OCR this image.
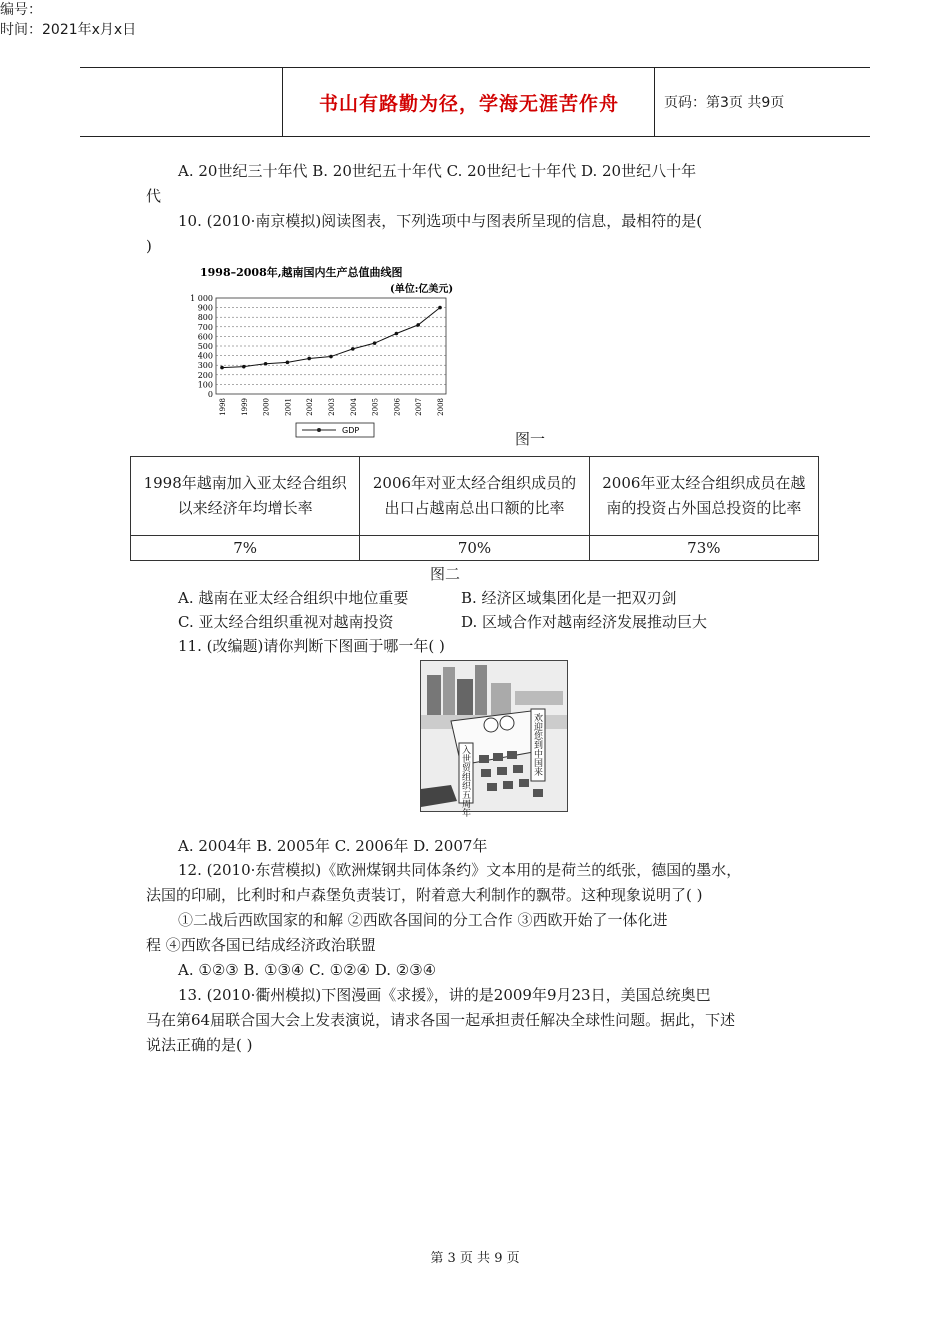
编号：
时间：2021年x月x日
书山有路勤为径，学海无涯苦作舟	页码：第3页 共9页
A. 20世纪三十年代 B. 20世纪五十年代 C. 20世纪七十年代 D. 20世纪八十年
代
10. (2010·南京模拟)阅读图表，下列选项中与图表所呈现的信息，最相符的是(
)
1998–2008年,越南国内生产总值曲线图
(单位:亿美元)
0
100
200
300
400
500
600
700
800
900
1 000
1998 1999 2000 2001 2002 2003 2004 2005 2006 2007 2008
GDP	图一
1998年越南加入亚太经合组织以来经济年均增长率	2006年对亚太经合组织成员的出口占越南总出口额的比率	2006年亚太经合组织成员在越南的投资占外国总投资的比率
7%	70%	73%
图二
A. 越南在亚太经合组织中地位重要	B. 经济区域集团化是一把双刃剑
C. 亚太经合组织重视对越南投资	D. 区域合作对越南经济发展推动巨大
11. (改编题)请你判断下图画于哪一年( )
欢迎您到中国来
入世贸组织五周年
A. 2004年 B. 2005年 C. 2006年 D. 2007年
12. (2010·东营模拟)《欧洲煤钢共同体条约》文本用的是荷兰的纸张，德国的墨水，
法国的印刷，比利时和卢森堡负责装订，附着意大利制作的飘带。这种现象说明了( )
①二战后西欧国家的和解 ②西欧各国间的分工合作 ③西欧开始了一体化进
程 ④西欧各国已结成经济政治联盟
A. ①②③ B. ①③④ C. ①②④ D. ②③④
13. (2010·衢州模拟)下图漫画《求援》，讲的是2009年9月23日，美国总统奥巴
马在第64届联合国大会上发表演说，请求各国一起承担责任解决全球性问题。据此，下述
说法正确的是( )
第 3 页 共 9 页
